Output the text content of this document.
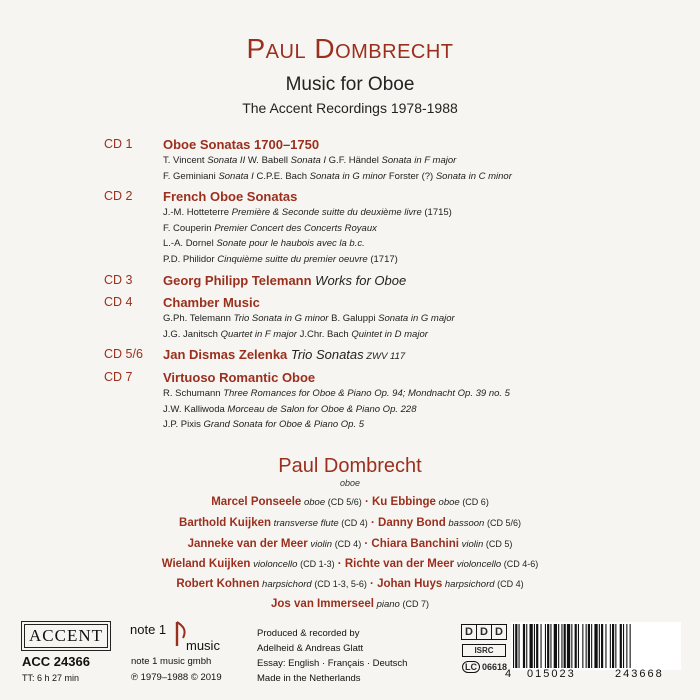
Paul Dombrecht
Music for Oboe
The Accent Recordings 1978-1988
CD 1 Oboe Sonatas 1700–1750
T. Vincent Sonata II W. Babell Sonata I G.F. Händel Sonata in F major
F. Geminiani Sonata I C.P.E. Bach Sonata in G minor Forster (?) Sonata in C minor
CD 2 French Oboe Sonatas
J.-M. Hotteterre Première & Seconde suitte du deuxième livre (1715)
F. Couperin Premier Concert des Concerts Royaux
L.-A. Dornel Sonate pour le haubois avec la b.c.
P.D. Philidor Cinquième suitte du premier oeuvre (1717)
CD 3 Georg Philipp Telemann Works for Oboe
CD 4 Chamber Music
G.Ph. Telemann Trio Sonata in G minor B. Galuppi Sonata in G major
J.G. Janitsch Quartet in F major J.Chr. Bach Quintet in D major
CD 5/6 Jan Dismas Zelenka Trio Sonatas ZWV 117
CD 7 Virtuoso Romantic Oboe
R. Schumann Three Romances for Oboe & Piano Op. 94; Mondnacht Op. 39 no. 5
J.W. Kalliwoda Morceau de Salon for Oboe & Piano Op. 228
J.P. Pixis Grand Sonata for Oboe & Piano Op. 5
Paul Dombrecht
oboe
Marcel Ponseele oboe (CD 5/6) · Ku Ebbinge oboe (CD 6)
Barthold Kuijken transverse flute (CD 4) · Danny Bond bassoon (CD 5/6)
Janneke van der Meer violin (CD 4) · Chiara Banchini violin (CD 5)
Wieland Kuijken violoncello (CD 1-3) · Richte van der Meer violoncello (CD 4-6)
Robert Kohnen harpsichord (CD 1-3, 5-6) · Johan Huys harpsichord (CD 4)
Jos van Immerseel piano (CD 7)
ACCENT
ACC 24366
TT: 6 h 27 min
note 1
music
note 1 music gmbh
℗ 1979–1988 © 2019
Produced & recorded by
Adelheid & Andreas Glatt
Essay: English · Français · Deutsch
Made in the Netherlands
D D D
ISRC
LC 06618
4 015023	243668
